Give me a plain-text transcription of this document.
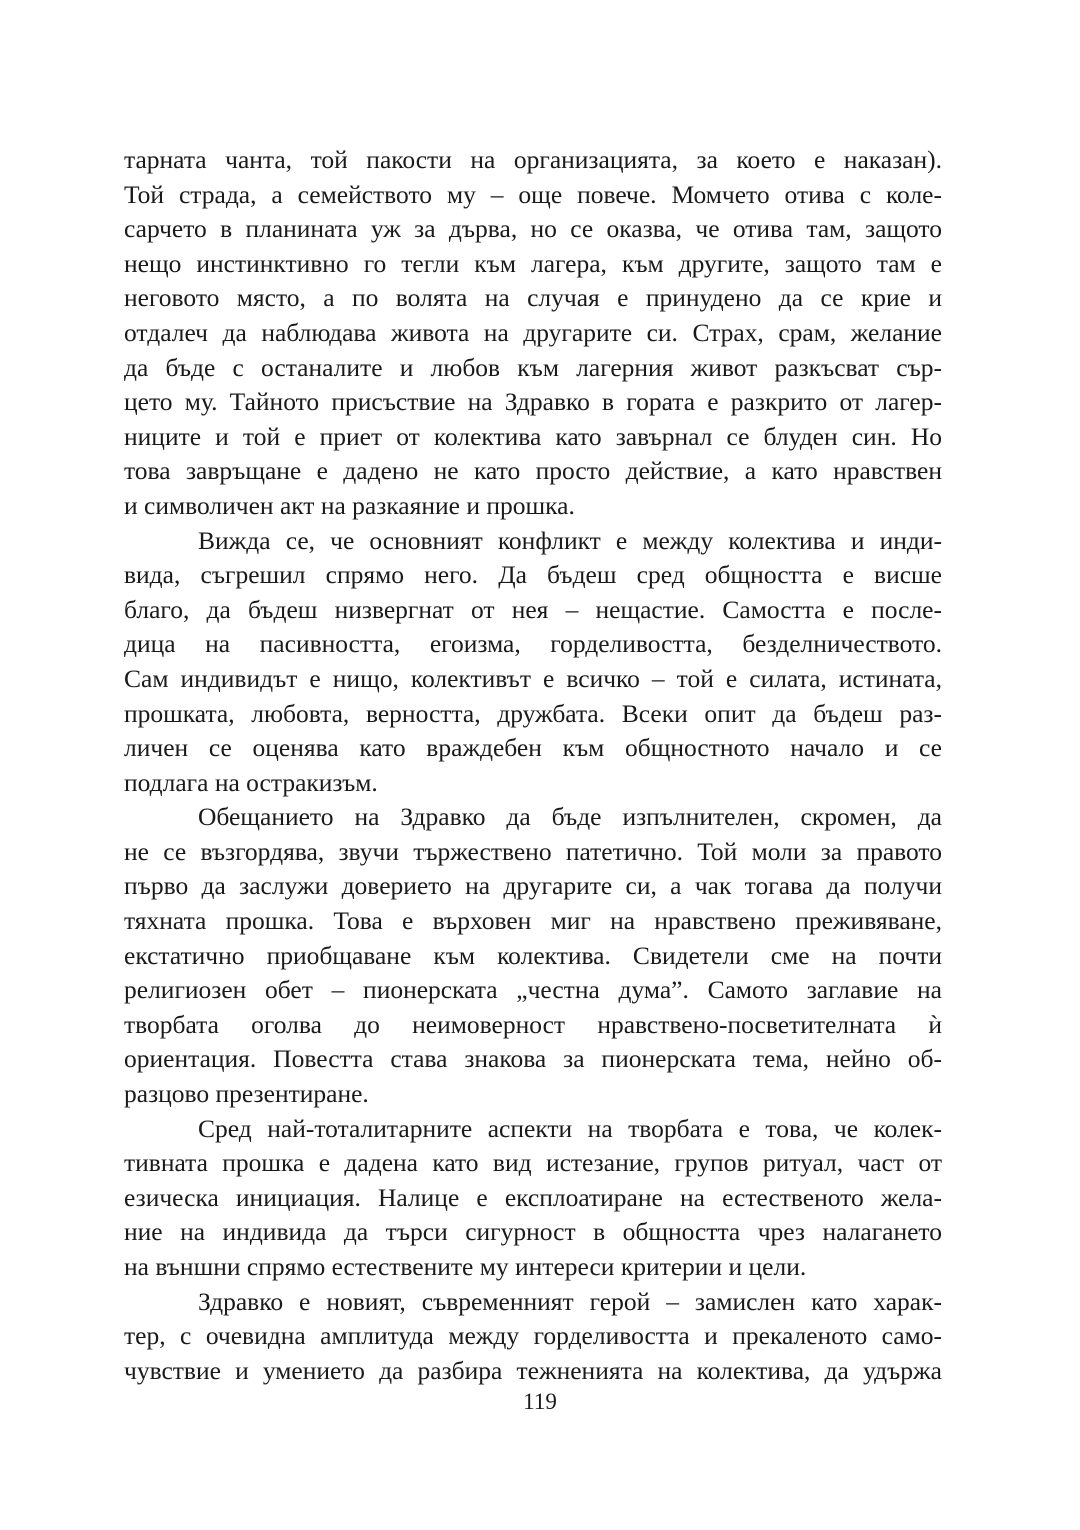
тарната чанта, той пакости на организацията, за което е наказан).
Той страда, а семейството му – още повече. Момчето отива с коле-
сарчето в планината уж за дърва, но се оказва, че отива там, защото
нещо инстинктивно го тегли към лагера, към другите, защото там е
неговото място, а по волята на случая е принудено да се крие и
отдалеч да наблюдава живота на другарите си. Страх, срам, желание
да бъде с останалите и любов към лагерния живот разкъсват сър-
цето му. Тайното присъствие на Здравко в гората е разкрито от лагер-
ниците и той е приет от колектива като завърнал се блуден син. Но
това завръщане е дадено не като просто действие, а като нравствен
и символичен акт на разкаяние и прошка.
Вижда се, че основният конфликт е между колектива и инди-
вида, съгрешил спрямо него. Да бъдеш сред общността е висше
благо, да бъдеш низвергнат от нея – нещастие. Самостта е после-
дица на пасивността, егоизма, горделивостта, безделничеството.
Сам индивидът е нищо, колективът е всичко – той е силата, истината,
прошката, любовта, верността, дружбата. Всеки опит да бъдеш раз-
личен се оценява като враждебен към общностното начало и се
подлага на остракизъм.
Обещанието на Здравко да бъде изпълнителен, скромен, да
не се възгордява, звучи тържествено патетично. Той моли за правото
първо да заслужи доверието на другарите си, а чак тогава да получи
тяхната прошка. Това е върховен миг на нравствено преживяване,
екстатично приобщаване към колектива. Свидетели сме на почти
религиозен обет – пионерската „честна дума”. Самото заглавие на
творбата оголва до неимоверност нравствено-посветителната ѝ
ориентация. Повестта става знакова за пионерската тема, нейно об-
разцово презентиране.
Сред най-тоталитарните аспекти на творбата е това, че колек-
тивната прошка е дадена като вид истезание, групов ритуал, част от
езическа инициация. Налице е експлоатиране на естественото жела-
ние на индивида да търси сигурност в общността чрез налагането
на външни спрямо естествените му интереси критерии и цели.
Здравко е новият, съвременният герой – замислен като харак-
тер, с очевидна амплитуда между горделивостта и прекаленото само-
чувствие и умението да разбира тежненията на колектива, да удържа
119
